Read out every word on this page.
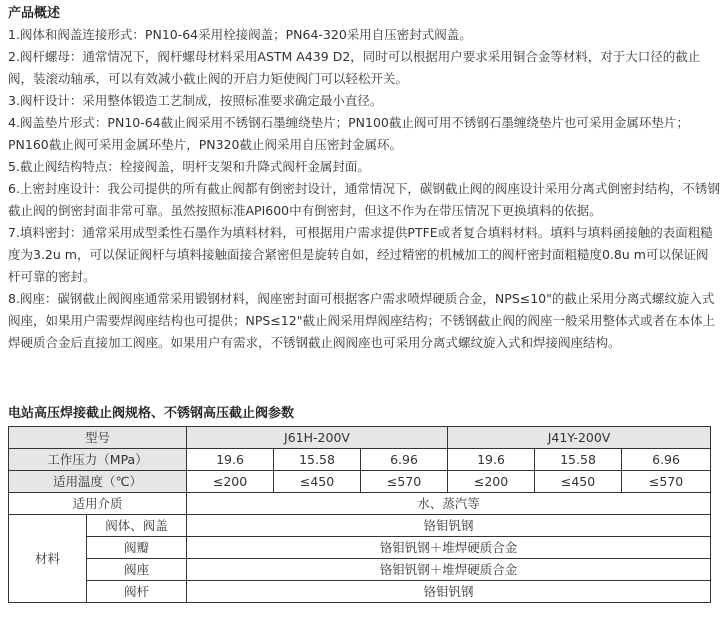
产品概述

1.阀体和阀盖连接形式：PN10-64采用栓接阀盖；PN64-320采用自压密封式阀盖。

2.阀杆螺母：通常情况下，阀杆螺母材料采用ASTM A439 D2，同时可以根据用户要求采用铜合金等材料，对于大口径的截止阀，装滚动轴承，可以有效减小截止阀的开启力矩使阀门可以轻松开关。

3.阀杆设计：采用整体锻造工艺制成，按照标准要求确定最小直径。

4.阀盖垫片形式：PN10-64截止阀采用不锈钢石墨缠绕垫片；PN100截止阀可用不锈钢石墨缠绕垫片也可采用金属环垫片；PN160截止阀可采用金属环垫片，PN320截止阀采用自压密封金属环。

5.截止阀结构特点：栓接阀盖，明杆支架和升降式阀杆金属封面。

6.上密封座设计：我公司提供的所有截止阀都有倒密封设计，通常情况下，碳钢截止阀的阀座设计采用分离式倒密封结构，不锈钢截止阀的倒密封面非常可靠。虽然按照标准API600中有倒密封，但这不作为在带压情况下更换填料的依据。

7.填料密封：通常采用成型柔性石墨作为填料材料，可根据用户需求提供PTFE或者复合填料材料。填料与填料函接触的表面粗糙度为3.2u m，可以保证阀杆与填料接触面接合紧密但是旋转自如，经过精密的机械加工的阀杆密封面粗糙度0.8u m可以保证阀杆可靠的密封。

8.阀座：碳钢截止阀阀座通常采用锻钢材料，阀座密封面可根据客户需求喷焊硬质合金，NPS≤10"的截止采用分离式螺纹旋入式阀座，如果用户需要焊阀座结构也可提供；NPS≤12"截止阀采用焊阀座结构；不锈钢截止阀的阀座一般采用整体式或者在本体上焊硬质合金后直接加工阀座。如果用户有需求，不锈钢截止阀阀座也可采用分离式螺纹旋入式和焊接阀座结构。

电站高压焊接截止阀规格、不锈钢高压截止阀参数
型号		J61H-200V			J41Y-200V		
工作压力（MPa）		19.6	15.58	6.96	19.6	15.58	6.96
适用温度（℃）		≤200	≤450	≤570	≤200	≤450	≤570
适用介质		水、蒸汽等					
材料	阀体、阀盖	铬钼钒钢					
	阀瓣	铬钼钒钢＋堆焊硬质合金					
	阀座	铬钼钒钢＋堆焊硬质合金					
	阀杆	铬钼钒钢					
